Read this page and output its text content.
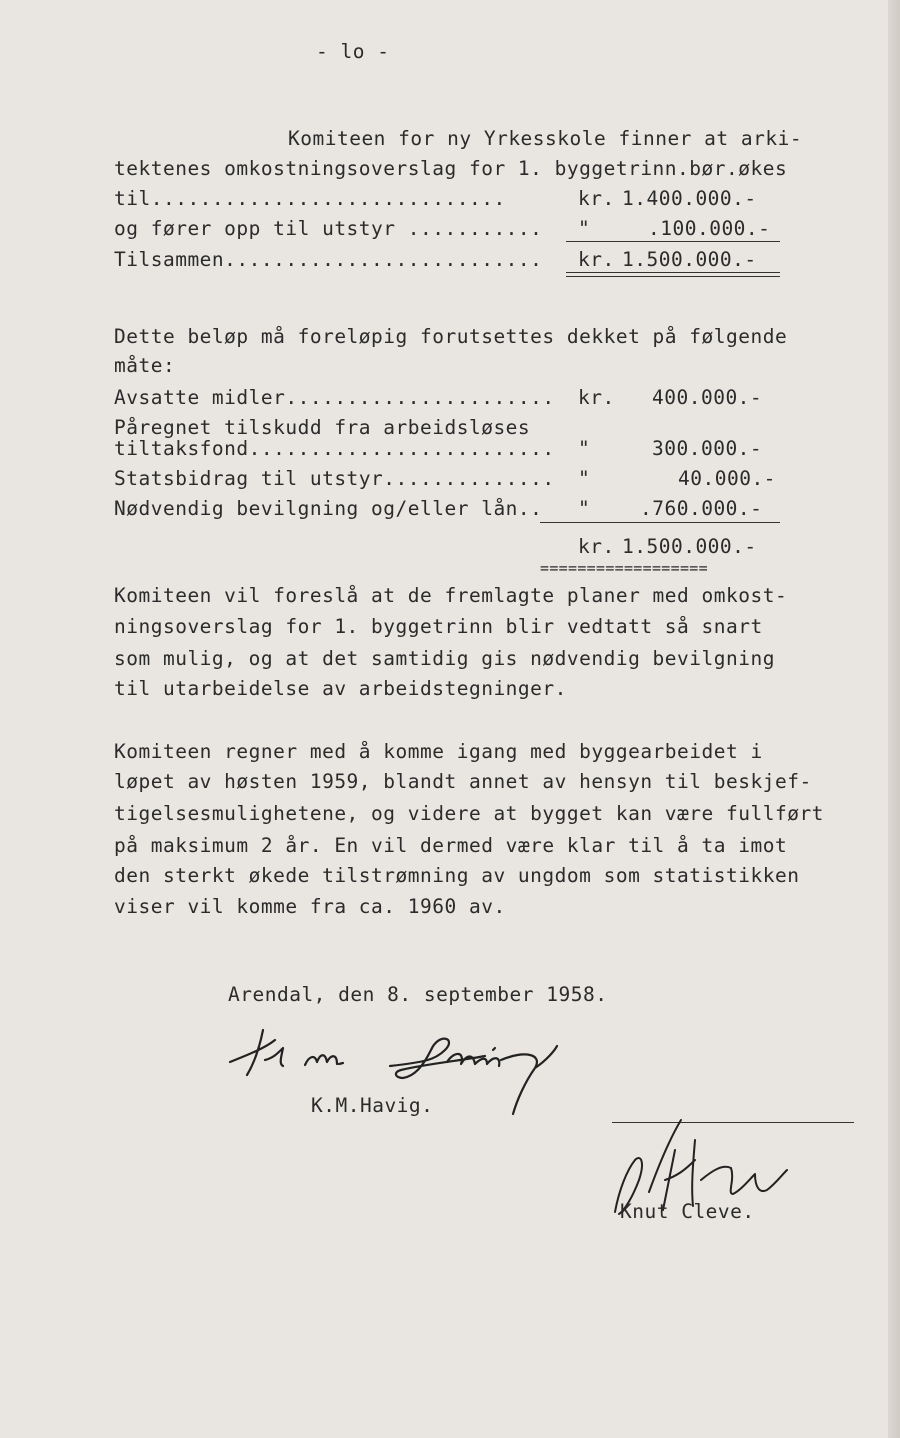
- lo -
Komiteen for ny Yrkesskole finner at arki-
tektenes omkostningsoverslag for 1. byggetrinn.bør.økes
til.............................	kr. 1.400.000.-
og fører opp til utstyr ........... "	.100.000.-
Tilsammen.......................... kr. 1.500.000.-
Dette beløp må foreløpig forutsettes dekket på følgende
måte:
Avsatte midler...................... kr. 400.000.-
Påregnet tilskudd fra arbeidsløses
tiltaksfond......................... "	300.000.-
Statsbidrag til utstyr.............. "	40.000.-
Nødvendig bevilgning og/eller lån.. "	.760.000.-
kr. 1.500.000.-
==================
Komiteen vil foreslå at de fremlagte planer med omkost-
ningsoverslag for 1. byggetrinn blir vedtatt så snart
som mulig, og at det samtidig gis nødvendig bevilgning
til utarbeidelse av arbeidstegninger.
Komiteen regner med å komme igang med byggearbeidet i
løpet av høsten 1959, blandt annet av hensyn til beskjef-
tigelsesmulighetene, og videre at bygget kan være fullført
på maksimum 2 år. En vil dermed være klar til å ta imot
den sterkt økede tilstrømning av ungdom som statistikken
viser vil komme fra ca. 1960 av.
Arendal, den 8. september 1958.
K.M.Havig.
Knut Cleve.
